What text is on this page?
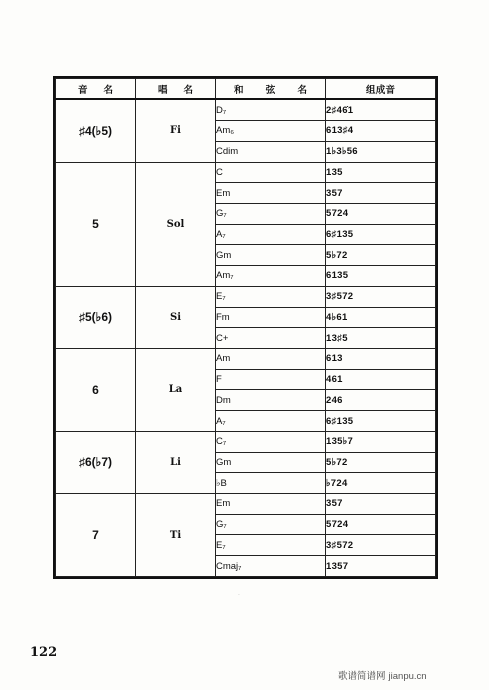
音 名	唱 名	和 弦 名	组 成 音

♯4(♭5)	Fi	D₇	2♯46̇1
		Am₆	613♯4
		Cdim	1♭3♭56
5	Sol	C	135
		Em	357
		G₇	5724
		A₇	6♯135
		Gm	5♭72
		Am₇	6135
♯5(♭6)	Si	E₇	3♯572
		Fm	4♭61
		C+	13♯5
6	La	Am	613
		F	461
		Dm	246
		A₇	6♯135
♯6(♭7)	Li	C₇	135♭7
		Gm	5♭72
		♭B	♭724
7	Ti	Em	357
		G₇	5724
		E₇	3♯572
		Cmaj₇	1357
·
122
歌谱简谱网 jianpu.cn
